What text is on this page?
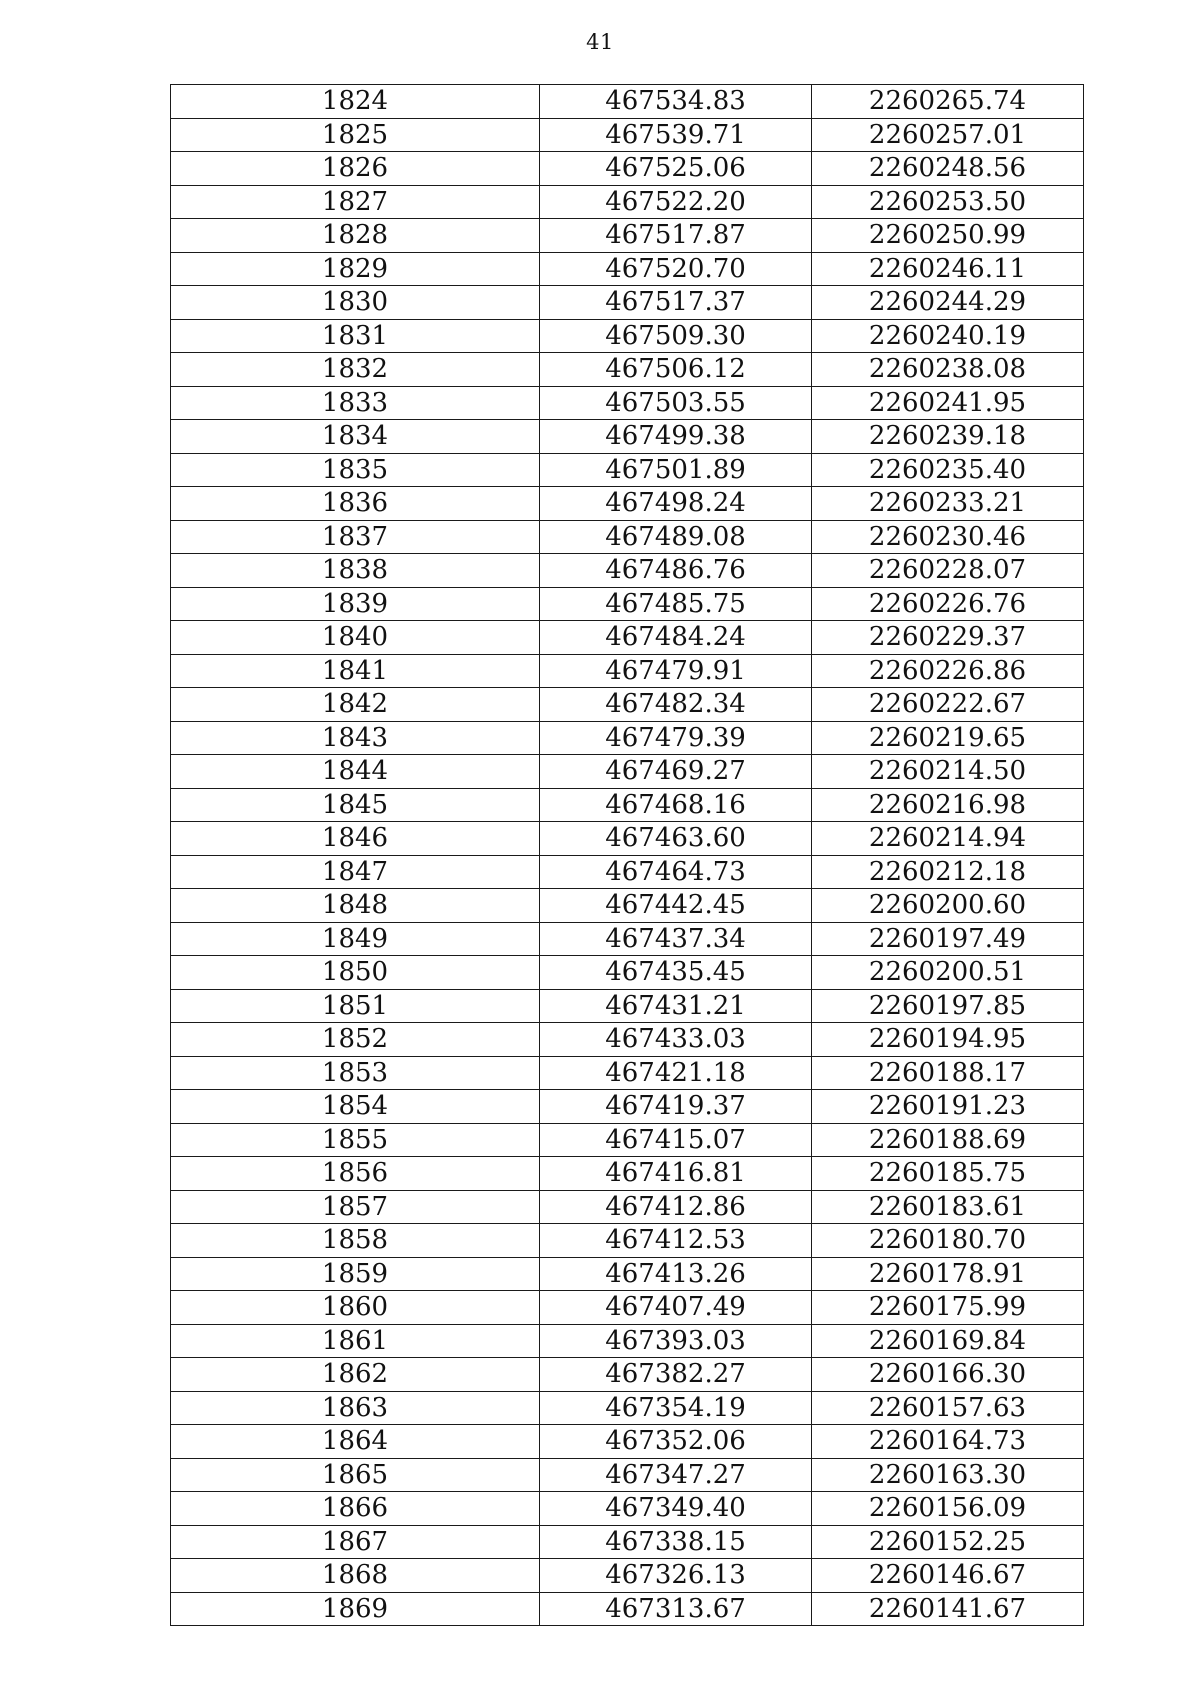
41
1824	467534.83	2260265.74
1825	467539.71	2260257.01
1826	467525.06	2260248.56
1827	467522.20	2260253.50
1828	467517.87	2260250.99
1829	467520.70	2260246.11
1830	467517.37	2260244.29
1831	467509.30	2260240.19
1832	467506.12	2260238.08
1833	467503.55	2260241.95
1834	467499.38	2260239.18
1835	467501.89	2260235.40
1836	467498.24	2260233.21
1837	467489.08	2260230.46
1838	467486.76	2260228.07
1839	467485.75	2260226.76
1840	467484.24	2260229.37
1841	467479.91	2260226.86
1842	467482.34	2260222.67
1843	467479.39	2260219.65
1844	467469.27	2260214.50
1845	467468.16	2260216.98
1846	467463.60	2260214.94
1847	467464.73	2260212.18
1848	467442.45	2260200.60
1849	467437.34	2260197.49
1850	467435.45	2260200.51
1851	467431.21	2260197.85
1852	467433.03	2260194.95
1853	467421.18	2260188.17
1854	467419.37	2260191.23
1855	467415.07	2260188.69
1856	467416.81	2260185.75
1857	467412.86	2260183.61
1858	467412.53	2260180.70
1859	467413.26	2260178.91
1860	467407.49	2260175.99
1861	467393.03	2260169.84
1862	467382.27	2260166.30
1863	467354.19	2260157.63
1864	467352.06	2260164.73
1865	467347.27	2260163.30
1866	467349.40	2260156.09
1867	467338.15	2260152.25
1868	467326.13	2260146.67
1869	467313.67	2260141.67
